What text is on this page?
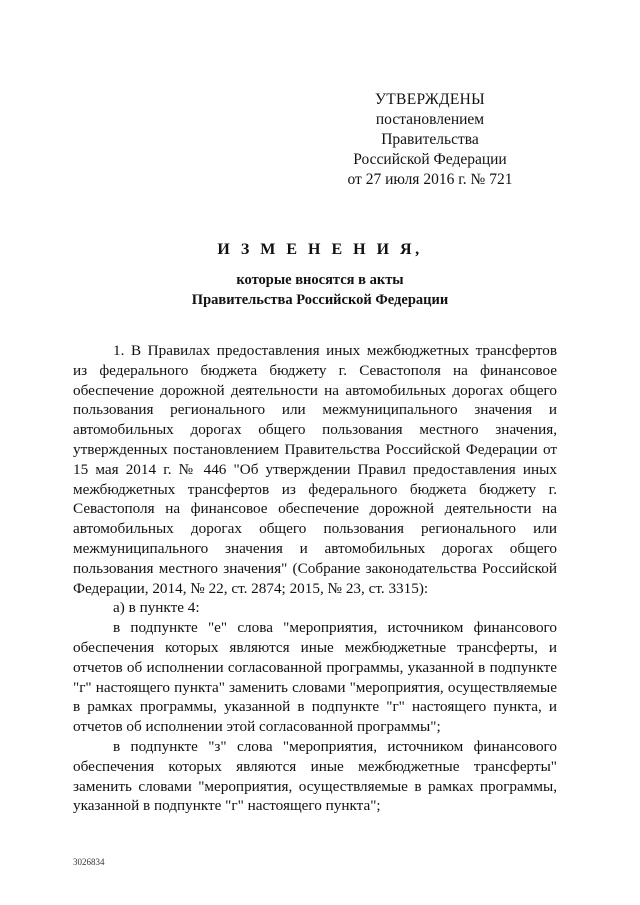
УТВЕРЖДЕНЫ
постановлением Правительства
Российской Федерации
от 27 июля 2016 г. № 721
И З М Е Н Е Н И Я,
которые вносятся в акты
Правительства Российской Федерации

1. В Правилах предоставления иных межбюджетных трансфертов из федерального бюджета бюджету г. Севастополя на финансовое обеспечение дорожной деятельности на автомобильных дорогах общего пользования регионального или межмуниципального значения и автомобильных дорогах общего пользования местного значения, утвержденных постановлением Правительства Российской Федерации от 15 мая 2014 г. № 446 "Об утверждении Правил предоставления иных межбюджетных трансфертов из федерального бюджета бюджету г. Севастополя на финансовое обеспечение дорожной деятельности на автомобильных дорогах общего пользования регионального или межмуниципального значения и автомобильных дорогах общего пользования местного значения" (Собрание законодательства Российской Федерации, 2014, № 22, ст. 2874; 2015, № 23, ст. 3315):

а) в пункте 4:

в подпункте "е" слова "мероприятия, источником финансового обеспечения которых являются иные межбюджетные трансферты, и отчетов об исполнении согласованной программы, указанной в подпункте "г" настоящего пункта" заменить словами "мероприятия, осуществляемые в рамках программы, указанной в подпункте "г" настоящего пункта, и отчетов об исполнении этой согласованной программы";

в подпункте "з" слова "мероприятия, источником финансового обеспечения которых являются иные межбюджетные трансферты" заменить словами "мероприятия, осуществляемые в рамках программы, указанной в подпункте "г" настоящего пункта";

3026834
